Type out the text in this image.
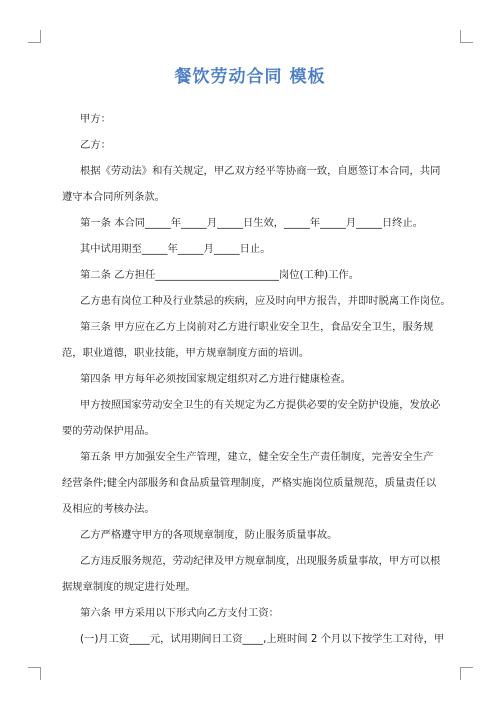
餐饮劳动合同 模板

甲方：

乙方：

根据《劳动法》和有关规定，甲乙双方经平等协商一致，自愿签订本合同，共同遵守本合同所列条款。

第一条 本合同_____年_____月_____日生效，_____年_____月_____日终止。

其中试用期至_____年_____月_____日止。

第二条 乙方担任________________________岗位(工种)工作。

乙方患有岗位工种及行业禁忌的疾病，应及时向甲方报告，并即时脱离工作岗位。

第三条 甲方应在乙方上岗前对乙方进行职业安全卫生，食品安全卫生，服务规范，职业道德，职业技能，甲方规章制度方面的培训。

第四条 甲方每年必须按国家规定组织对乙方进行健康检查。

甲方按照国家劳动安全卫生的有关规定为乙方提供必要的安全防护设施，发放必要的劳动保护用品。

第五条 甲方加强安全生产管理，建立，健全安全生产责任制度，完善安全生产经营条件;健全内部服务和食品质量管理制度，严格实施岗位质量规范，质量责任以及相应的考核办法。

乙方严格遵守甲方的各项规章制度，防止服务质量事故。

乙方违反服务规范，劳动纪律及甲方规章制度，出现服务质量事故，甲方可以根据规章制度的规定进行处理。

第六条 甲方采用以下形式向乙方支付工资：

(一)月工资____元，试用期间日工资____,上班时间 2 个月以下按学生工对待，甲
